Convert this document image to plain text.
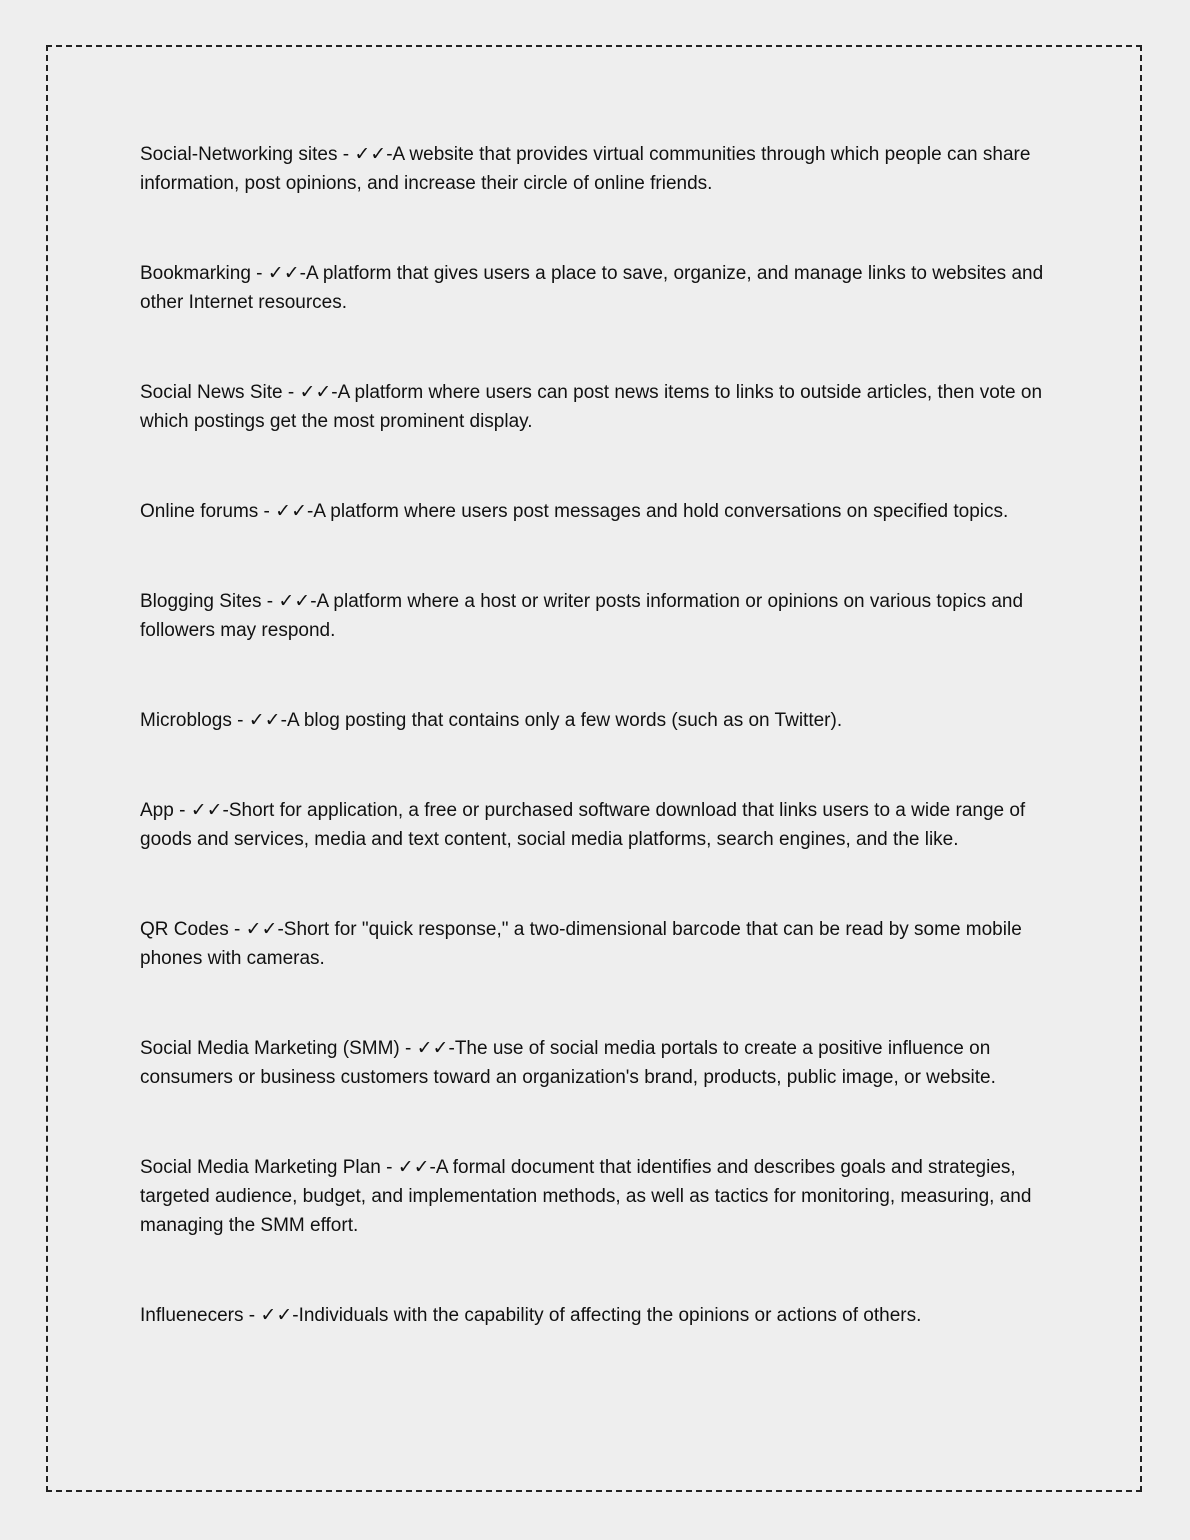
Social-Networking sites - ✓✓-A website that provides virtual communities through which people can share information, post opinions, and increase their circle of online friends.

Bookmarking - ✓✓-A platform that gives users a place to save, organize, and manage links to websites and other Internet resources.

Social News Site - ✓✓-A platform where users can post news items to links to outside articles, then vote on which postings get the most prominent display.

Online forums - ✓✓-A platform where users post messages and hold conversations on specified topics.

Blogging Sites - ✓✓-A platform where a host or writer posts information or opinions on various topics and followers may respond.

Microblogs - ✓✓-A blog posting that contains only a few words (such as on Twitter).

App - ✓✓-Short for application, a free or purchased software download that links users to a wide range of goods and services, media and text content, social media platforms, search engines, and the like.

QR Codes - ✓✓-Short for "quick response," a two-dimensional barcode that can be read by some mobile phones with cameras.

Social Media Marketing (SMM) - ✓✓-The use of social media portals to create a positive influence on consumers or business customers toward an organization's brand, products, public image, or website.

Social Media Marketing Plan - ✓✓-A formal document that identifies and describes goals and strategies, targeted audience, budget, and implementation methods, as well as tactics for monitoring, measuring, and managing the SMM effort.

Influenecers - ✓✓-Individuals with the capability of affecting the opinions or actions of others.
